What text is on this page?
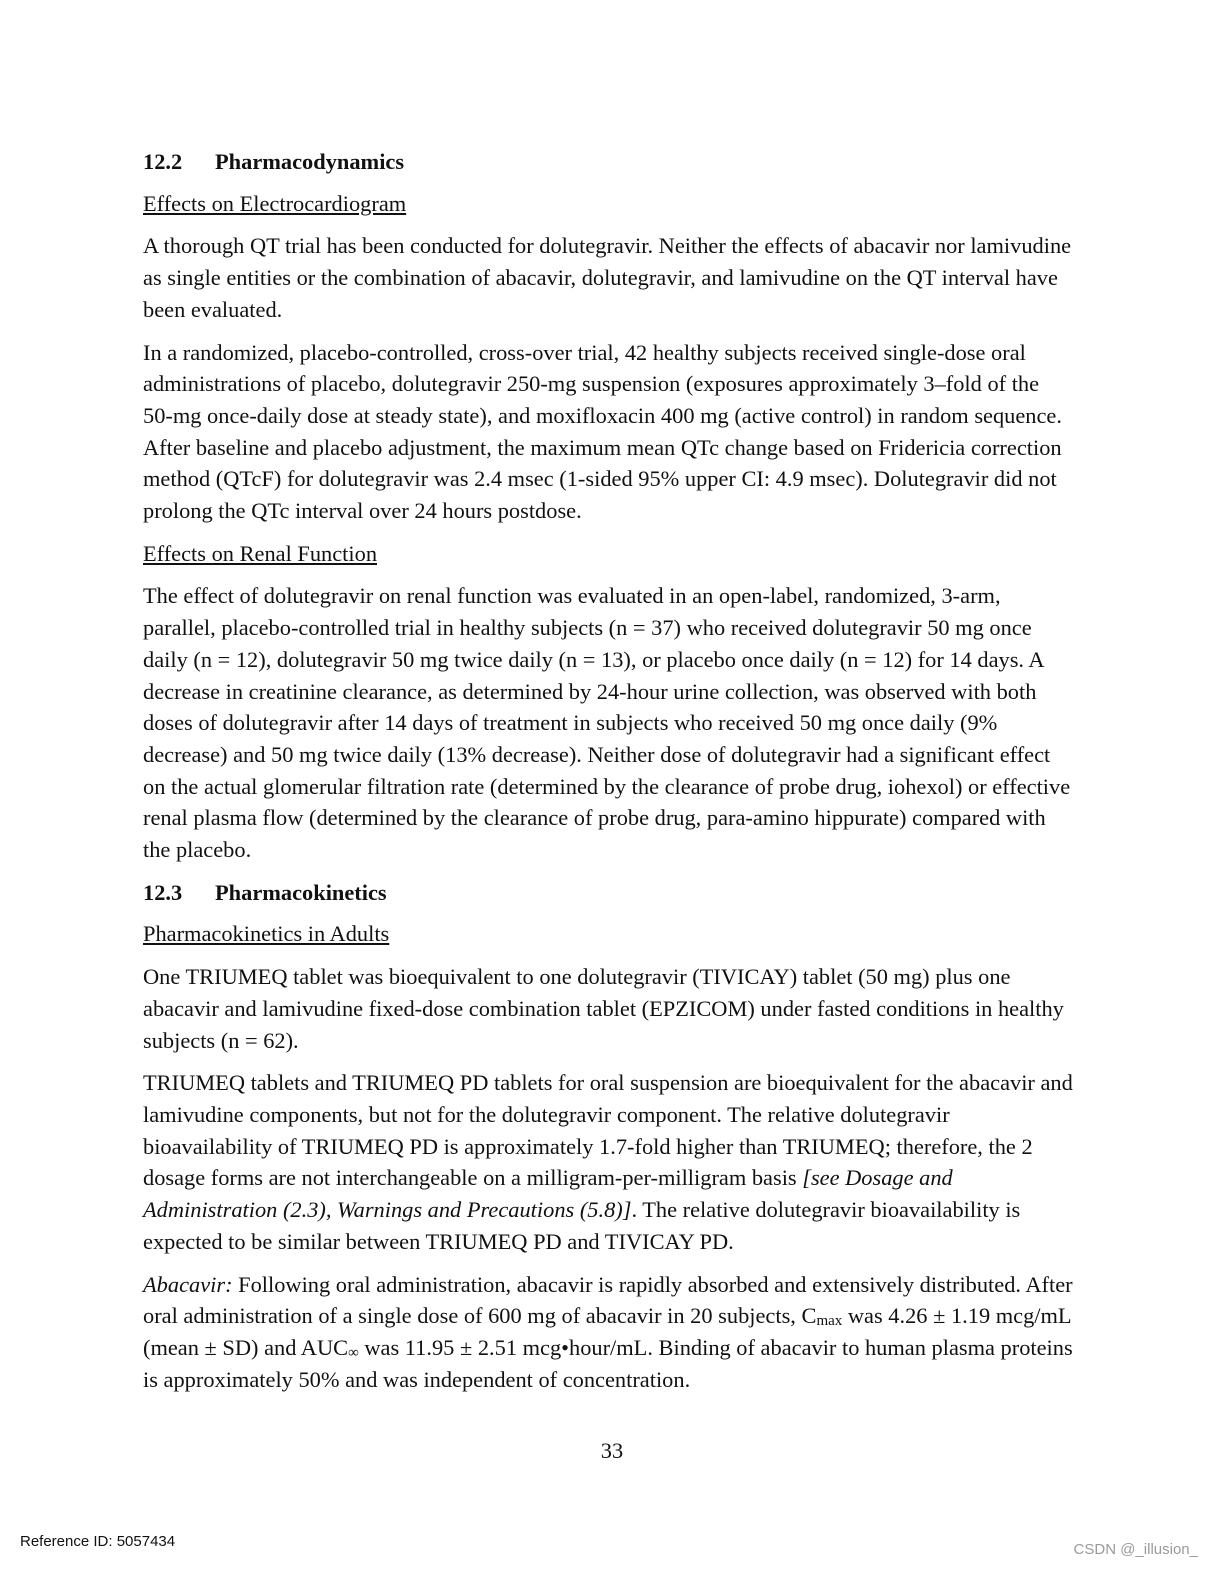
12.2	Pharmacodynamics
Effects on Electrocardiogram

A thorough QT trial has been conducted for dolutegravir. Neither the effects of abacavir nor lamivudine as single entities or the combination of abacavir, dolutegravir, and lamivudine on the QT interval have been evaluated.

In a randomized, placebo-controlled, cross-over trial, 42 healthy subjects received single-dose oral administrations of placebo, dolutegravir 250-mg suspension (exposures approximately 3–fold of the 50-mg once-daily dose at steady state), and moxifloxacin 400 mg (active control) in random sequence. After baseline and placebo adjustment, the maximum mean QTc change based on Fridericia correction method (QTcF) for dolutegravir was 2.4 msec (1-sided 95% upper CI: 4.9 msec). Dolutegravir did not prolong the QTc interval over 24 hours postdose.

Effects on Renal Function

The effect of dolutegravir on renal function was evaluated in an open-label, randomized, 3-arm, parallel, placebo-controlled trial in healthy subjects (n = 37) who received dolutegravir 50 mg once daily (n = 12), dolutegravir 50 mg twice daily (n = 13), or placebo once daily (n = 12) for 14 days. A decrease in creatinine clearance, as determined by 24-hour urine collection, was observed with both doses of dolutegravir after 14 days of treatment in subjects who received 50 mg once daily (9% decrease) and 50 mg twice daily (13% decrease). Neither dose of dolutegravir had a significant effect on the actual glomerular filtration rate (determined by the clearance of probe drug, iohexol) or effective renal plasma flow (determined by the clearance of probe drug, para-amino hippurate) compared with the placebo.

12.3	Pharmacokinetics
Pharmacokinetics in Adults

One TRIUMEQ tablet was bioequivalent to one dolutegravir (TIVICAY) tablet (50 mg) plus one abacavir and lamivudine fixed-dose combination tablet (EPZICOM) under fasted conditions in healthy subjects (n = 62).

TRIUMEQ tablets and TRIUMEQ PD tablets for oral suspension are bioequivalent for the abacavir and lamivudine components, but not for the dolutegravir component. The relative dolutegravir bioavailability of TRIUMEQ PD is approximately 1.7-fold higher than TRIUMEQ; therefore, the 2 dosage forms are not interchangeable on a milligram-per-milligram basis [see Dosage and Administration (2.3), Warnings and Precautions (5.8)]. The relative dolutegravir bioavailability is expected to be similar between TRIUMEQ PD and TIVICAY PD.

Abacavir: Following oral administration, abacavir is rapidly absorbed and extensively distributed. After oral administration of a single dose of 600 mg of abacavir in 20 subjects, $C_{max}$ was 4.26 ± 1.19 mcg/mL (mean ± SD) and AUC∞ was 11.95 ± 2.51 mcg•hour/mL. Binding of abacavir to human plasma proteins is approximately 50% and was independent of concentration.

33
Reference ID: 5057434	CSDN @_illusion_
